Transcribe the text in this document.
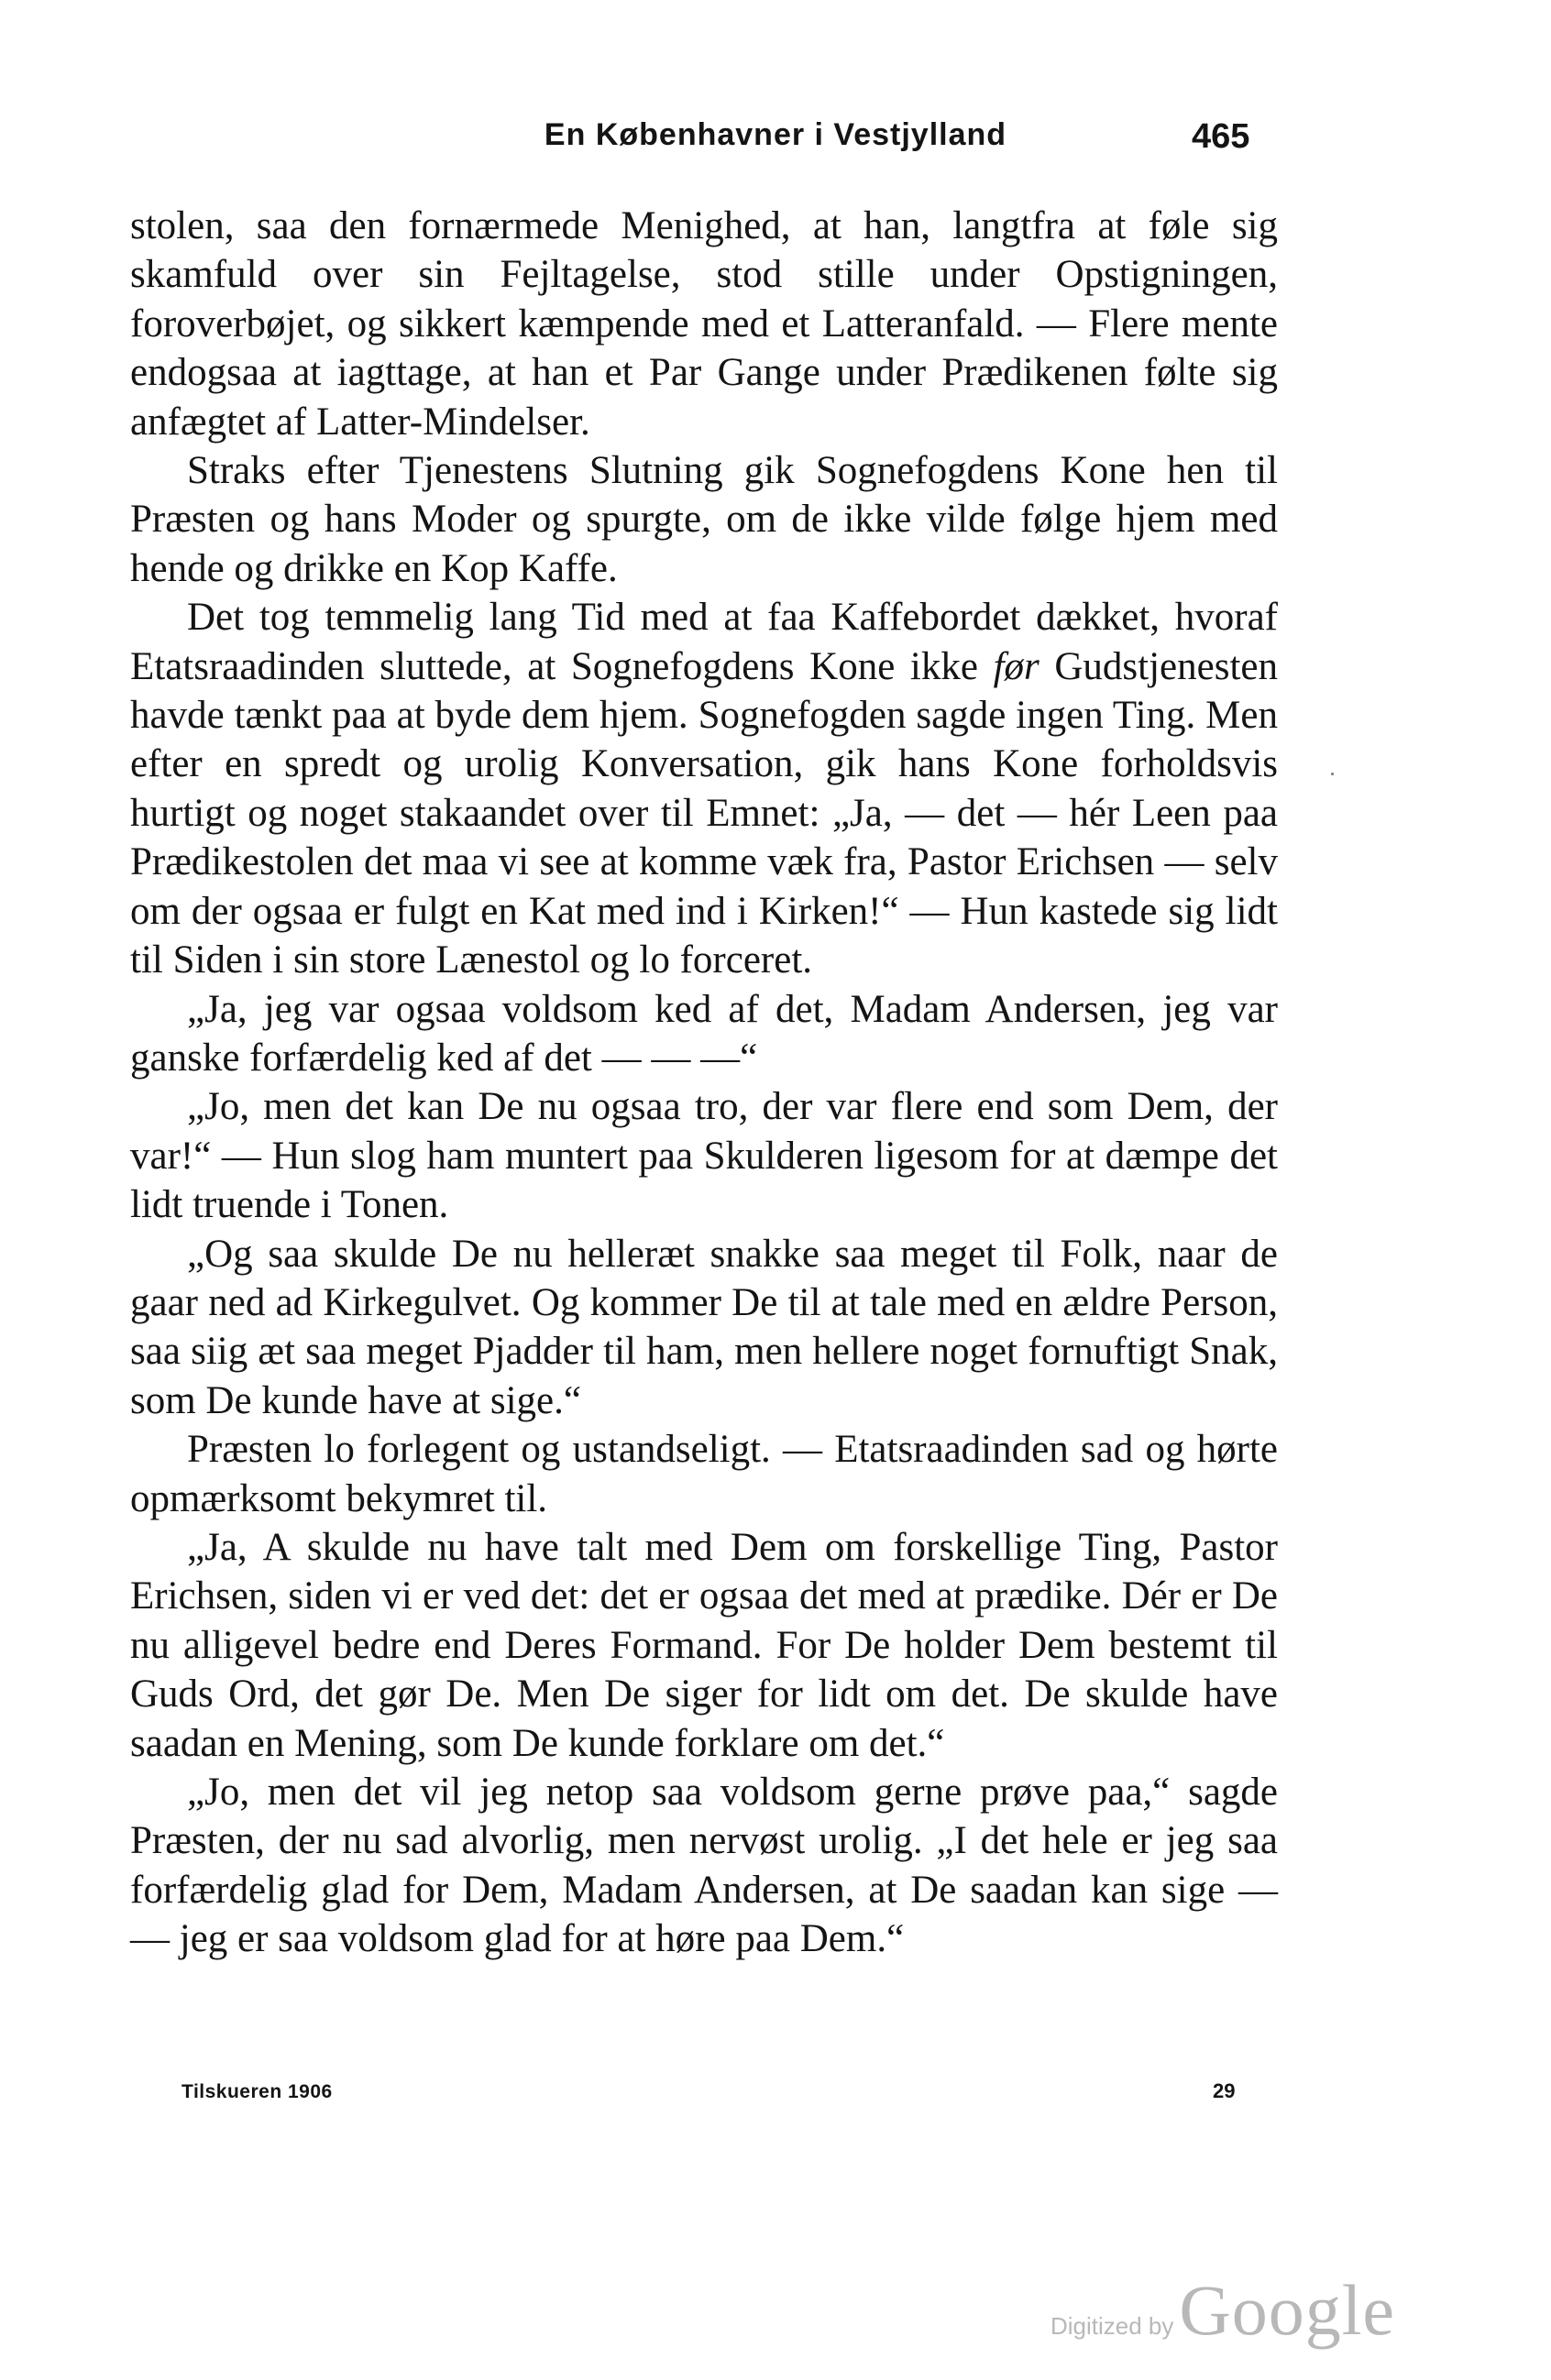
En Københavner i Vestjylland	465

stolen, saa den fornærmede Menighed, at han, langtfra at føle sig skamfuld over sin Fejltagelse, stod stille under Opstigningen, foroverbøjet, og sikkert kæmpende med et Latteranfald. — Flere mente endogsaa at iagttage, at han et Par Gange under Prædikenen følte sig anfægtet af Latter-Mindelser.

Straks efter Tjenestens Slutning gik Sognefogdens Kone hen til Præsten og hans Moder og spurgte, om de ikke vilde følge hjem med hende og drikke en Kop Kaffe.

Det tog temmelig lang Tid med at faa Kaffebordet dækket, hvoraf Etatsraadinden sluttede, at Sognefogdens Kone ikke før Gudstjenesten havde tænkt paa at byde dem hjem. Sognefogden sagde ingen Ting. Men efter en spredt og urolig Konversation, gik hans Kone forholdsvis hurtigt og noget stakaandet over til Emnet: „Ja, — det — hér Leen paa Prædikestolen det maa vi see at komme væk fra, Pastor Erichsen — selv om der ogsaa er fulgt en Kat med ind i Kirken!“ — Hun kastede sig lidt til Siden i sin store Lænestol og lo forceret.

„Ja, jeg var ogsaa voldsom ked af det, Madam Andersen, jeg var ganske forfærdelig ked af det — — —“

„Jo, men det kan De nu ogsaa tro, der var flere end som Dem, der var!“ — Hun slog ham muntert paa Skulderen ligesom for at dæmpe det lidt truende i Tonen.

„Og saa skulde De nu helleræt snakke saa meget til Folk, naar de gaar ned ad Kirkegulvet. Og kommer De til at tale med en ældre Person, saa siig æt saa meget Pjadder til ham, men hellere noget fornuftigt Snak, som De kunde have at sige.“

Præsten lo forlegent og ustandseligt. — Etatsraadinden sad og hørte opmærksomt bekymret til.

„Ja, A skulde nu have talt med Dem om forskellige Ting, Pastor Erichsen, siden vi er ved det: det er ogsaa det med at prædike. Dér er De nu alligevel bedre end Deres Formand. For De holder Dem bestemt til Guds Ord, det gør De. Men De siger for lidt om det. De skulde have saadan en Mening, som De kunde forklare om det.“

„Jo, men det vil jeg netop saa voldsom gerne prøve paa,“ sagde Præsten, der nu sad alvorlig, men nervøst urolig. „I det hele er jeg saa forfærdelig glad for Dem, Madam Andersen, at De saadan kan sige — — jeg er saa voldsom glad for at høre paa Dem.“

Tilskueren 1906	29
Digitized by Google
